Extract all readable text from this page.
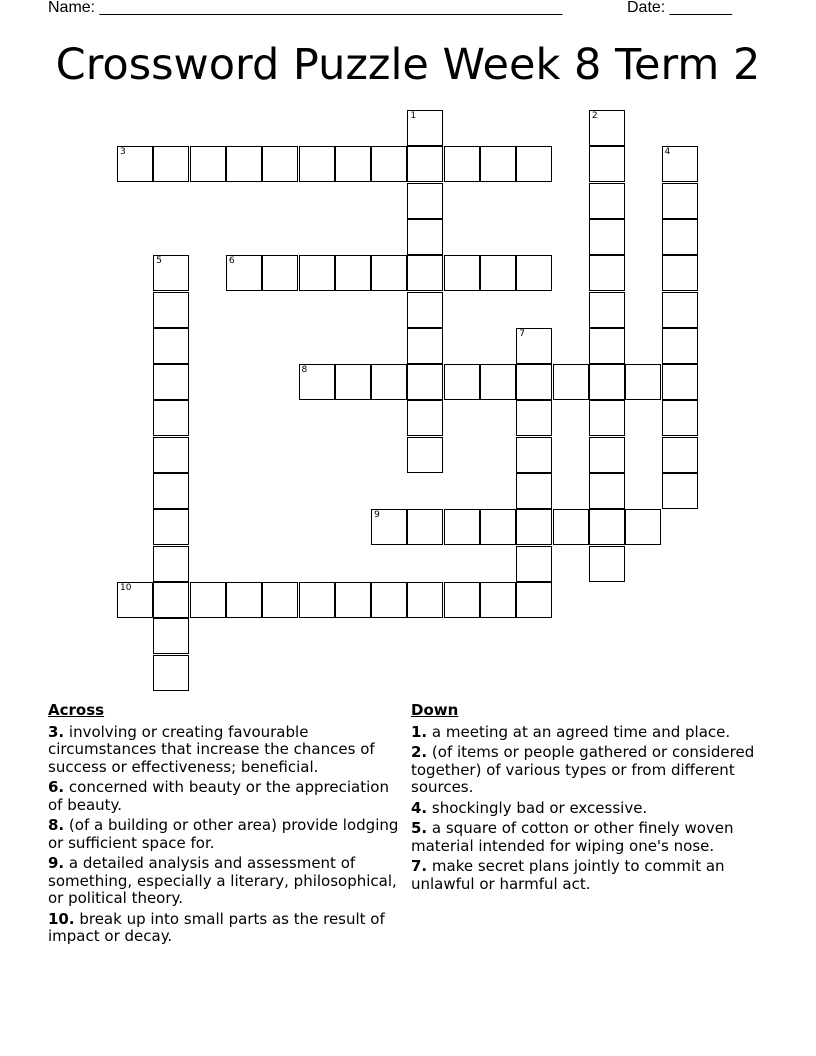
Name: ____________________________________________________	Date: _______
Crossword Puzzle Week 8 Term 2
1	2
3	4
5	6
7
8
9
10
Across
3. involving or creating favourable circumstances that increase the chances of success or effectiveness; beneficial.
6. concerned with beauty or the appreciation of beauty.
8. (of a building or other area) provide lodging or sufficient space for.
9. a detailed analysis and assessment of something, especially a literary, philosophical, or political theory.
10. break up into small parts as the result of impact or decay.
Down
1. a meeting at an agreed time and place.
2. (of items or people gathered or considered together) of various types or from different sources.
4. shockingly bad or excessive.
5. a square of cotton or other finely woven material intended for wiping one's nose.
7. make secret plans jointly to commit an unlawful or harmful act.
